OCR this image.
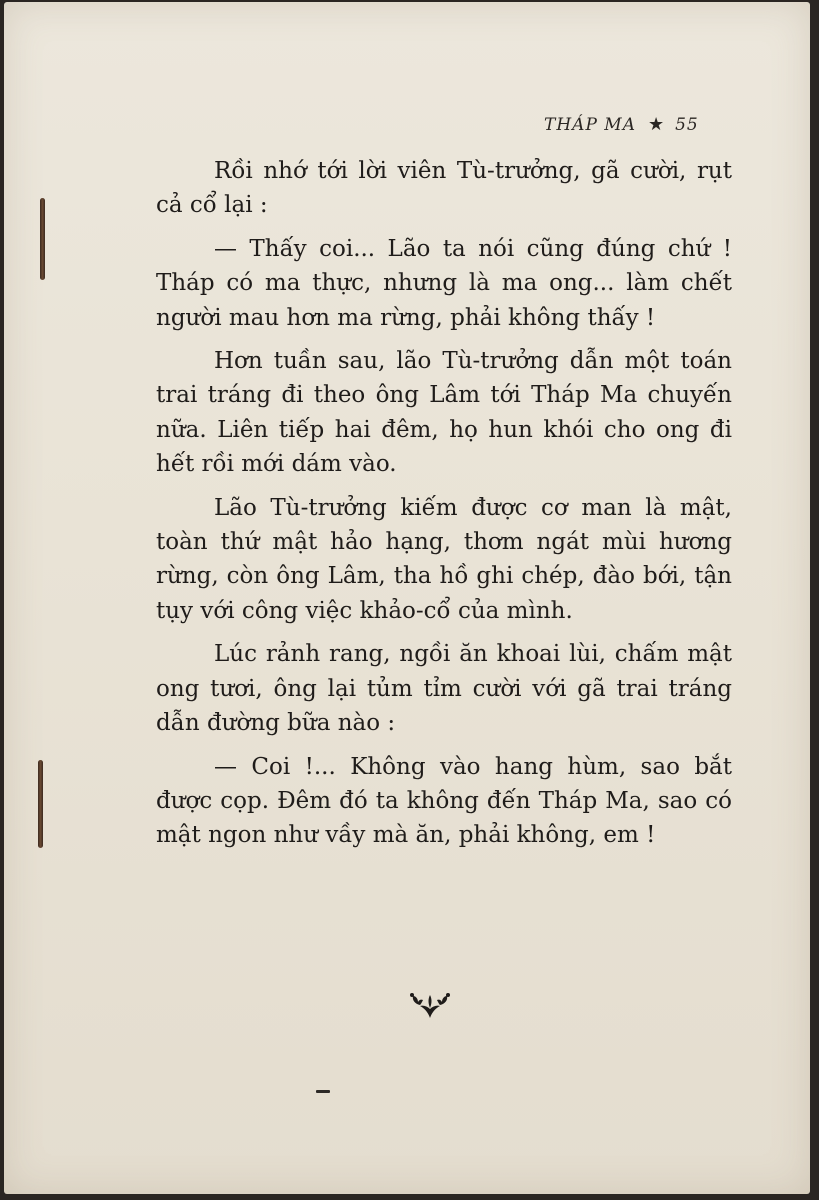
THÁP MA ★ 55

Rồi nhớ tới lời viên Tù-trưởng, gã cười, rụt cả cổ lại :

— Thấy coi... Lão ta nói cũng đúng chứ ! Tháp có ma thực, nhưng là ma ong... làm chết người mau hơn ma rừng, phải không thấy !

Hơn tuần sau, lão Tù-trưởng dẫn một toán trai tráng đi theo ông Lâm tới Tháp Ma chuyến nữa. Liên tiếp hai đêm, họ hun khói cho ong đi hết rồi mới dám vào.

Lão Tù-trưởng kiếm được cơ man là mật, toàn thứ mật hảo hạng, thơm ngát mùi hương rừng, còn ông Lâm, tha hồ ghi chép, đào bới, tận tụy với công việc khảo-cổ của mình.

Lúc rảnh rang, ngồi ăn khoai lùi, chấm mật ong tươi, ông lại tủm tỉm cười với gã trai tráng dẫn đường bữa nào :

— Coi !... Không vào hang hùm, sao bắt được cọp. Đêm đó ta không đến Tháp Ma, sao có mật ngon như vầy mà ăn, phải không, em !
